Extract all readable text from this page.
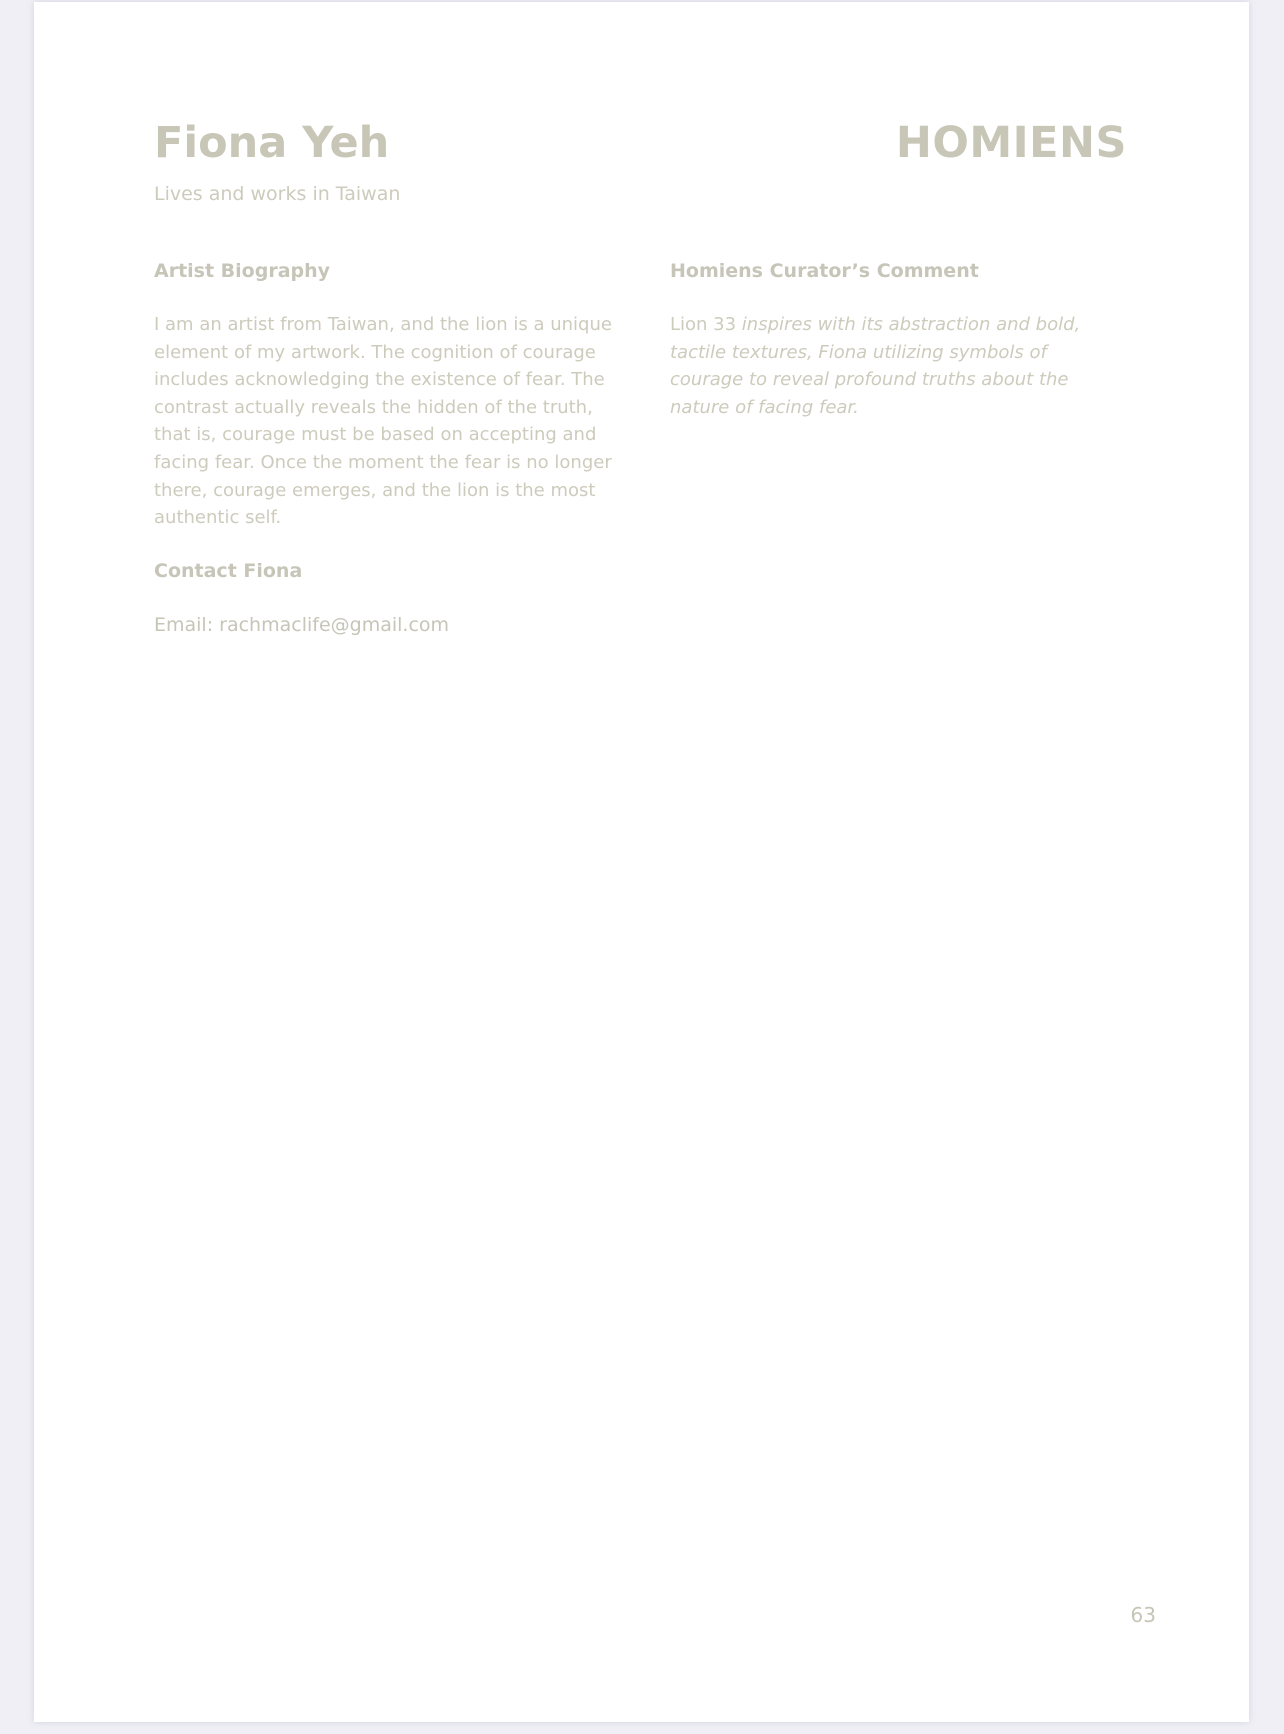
Fiona Yeh	HOMIENS

Lives and works in Taiwan

Artist Biography

I am an artist from Taiwan, and the lion is a unique element of my artwork. The cognition of courage includes acknowledging the existence of fear. The contrast actually reveals the hidden of the truth, that is, courage must be based on accepting and facing fear. Once the moment the fear is no longer there, courage emerges, and the lion is the most authentic self.

Contact Fiona

Email: rachmaclife@gmail.com

Homiens Curator’s Comment

Lion 33 inspires with its abstraction and bold, tactile textures, Fiona utilizing symbols of courage to reveal profound truths about the nature of facing fear.

63
